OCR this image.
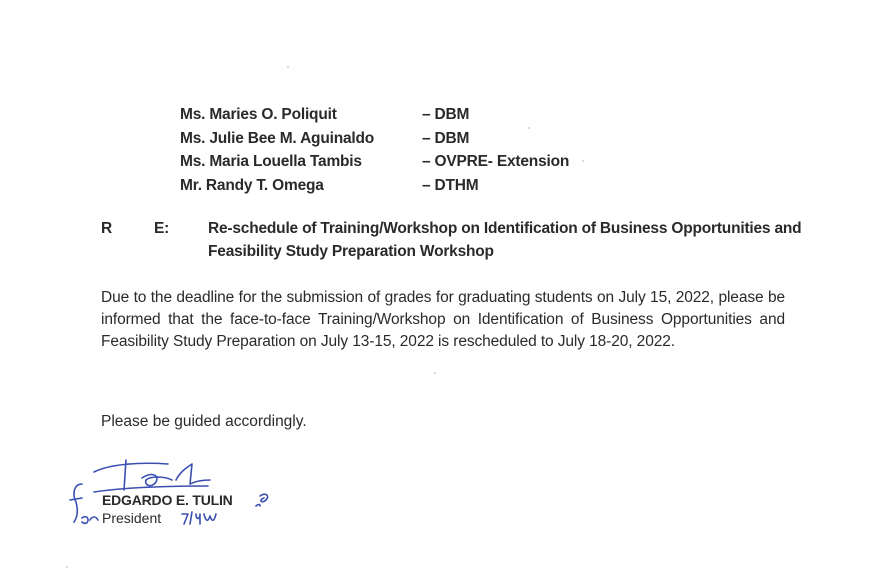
Ms. Maries O. Poliquit	– DBM
Ms. Julie Bee M. Aguinaldo	– DBM
Ms. Maria Louella Tambis	– OVPRE- Extension
Mr. Randy T. Omega	– DTHM
R	E:	Re-schedule of Training/Workshop on Identification of Business Opportunities and Feasibility Study Preparation Workshop
Due to the deadline for the submission of grades for graduating students on July 15, 2022, please be informed that the face-to-face Training/Workshop on Identification of Business Opportunities and Feasibility Study Preparation on July 13-15, 2022 is rescheduled to July 18-20, 2022.
Please be guided accordingly.
EDGARDO E. TULIN
President
